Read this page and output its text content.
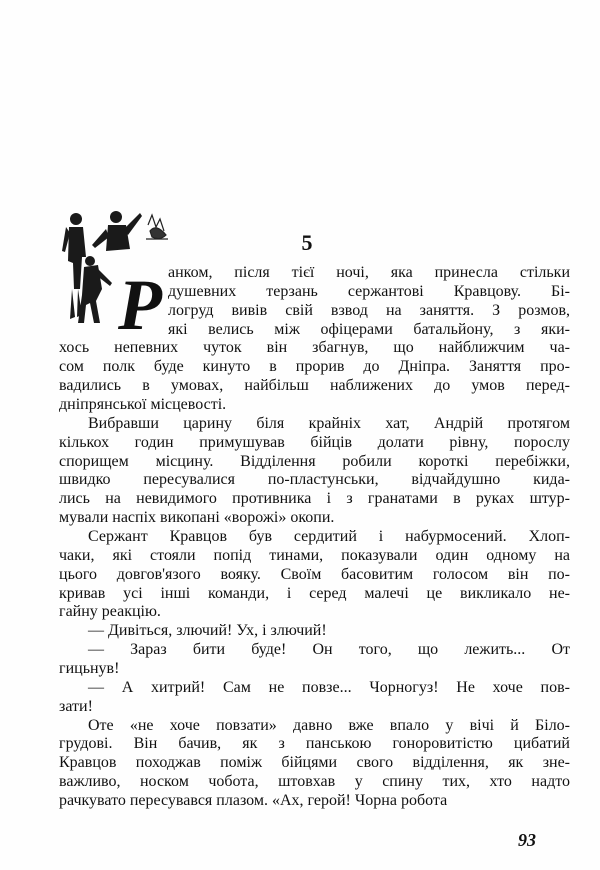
5
Р анком, після тієї ночі, яка принесла стільки
душевних терзань сержантові Кравцову. Бі-
логруд вивів свій взвод на заняття. З розмов,
які велись між офіцерами батальйону, з яки-
хось непевних чуток він збагнув, що найближчим ча-
сом полк буде кинуто в прорив до Дніпра. Заняття про-
вадились в умовах, найбільш наближених до умов перед-
дніпрянської місцевості.
Вибравши царину біля крайніх хат, Андрій протягом
кількох годин примушував бійців долати рівну, порослу
спорищем місцину. Відділення робили короткі перебіжки,
швидко пересувалися по-пластунськи, відчайдушно кида-
лись на невидимого противника і з гранатами в руках штур-
мували наспіх викопані «ворожі» окопи.
Сержант Кравцов був сердитий і набурмосений. Хлоп-
чаки, які стояли попід тинами, показували один одному на
цього довгов'язого вояку. Своїм басовитим голосом він по-
кривав усі інші команди, і серед малечі це викликало не-
гайну реакцію.
— Дивіться, злючий! Ух, і злючий!
— Зараз бити буде! Он того, що лежить... От
гицьнув!
— А хитрий! Сам не повзе... Чорногуз! Не хоче пов-
зати!
Оте «не хоче повзати» давно вже впало у вічі й Біло-
грудові. Він бачив, як з панською гоноровитістю цибатий
Кравцов походжав поміж бійцями свого відділення, як зне-
важливо, носком чобота, штовхав у спину тих, хто надто
рачкувато пересувався плазом. «Ах, герой! Чорна робота
93
